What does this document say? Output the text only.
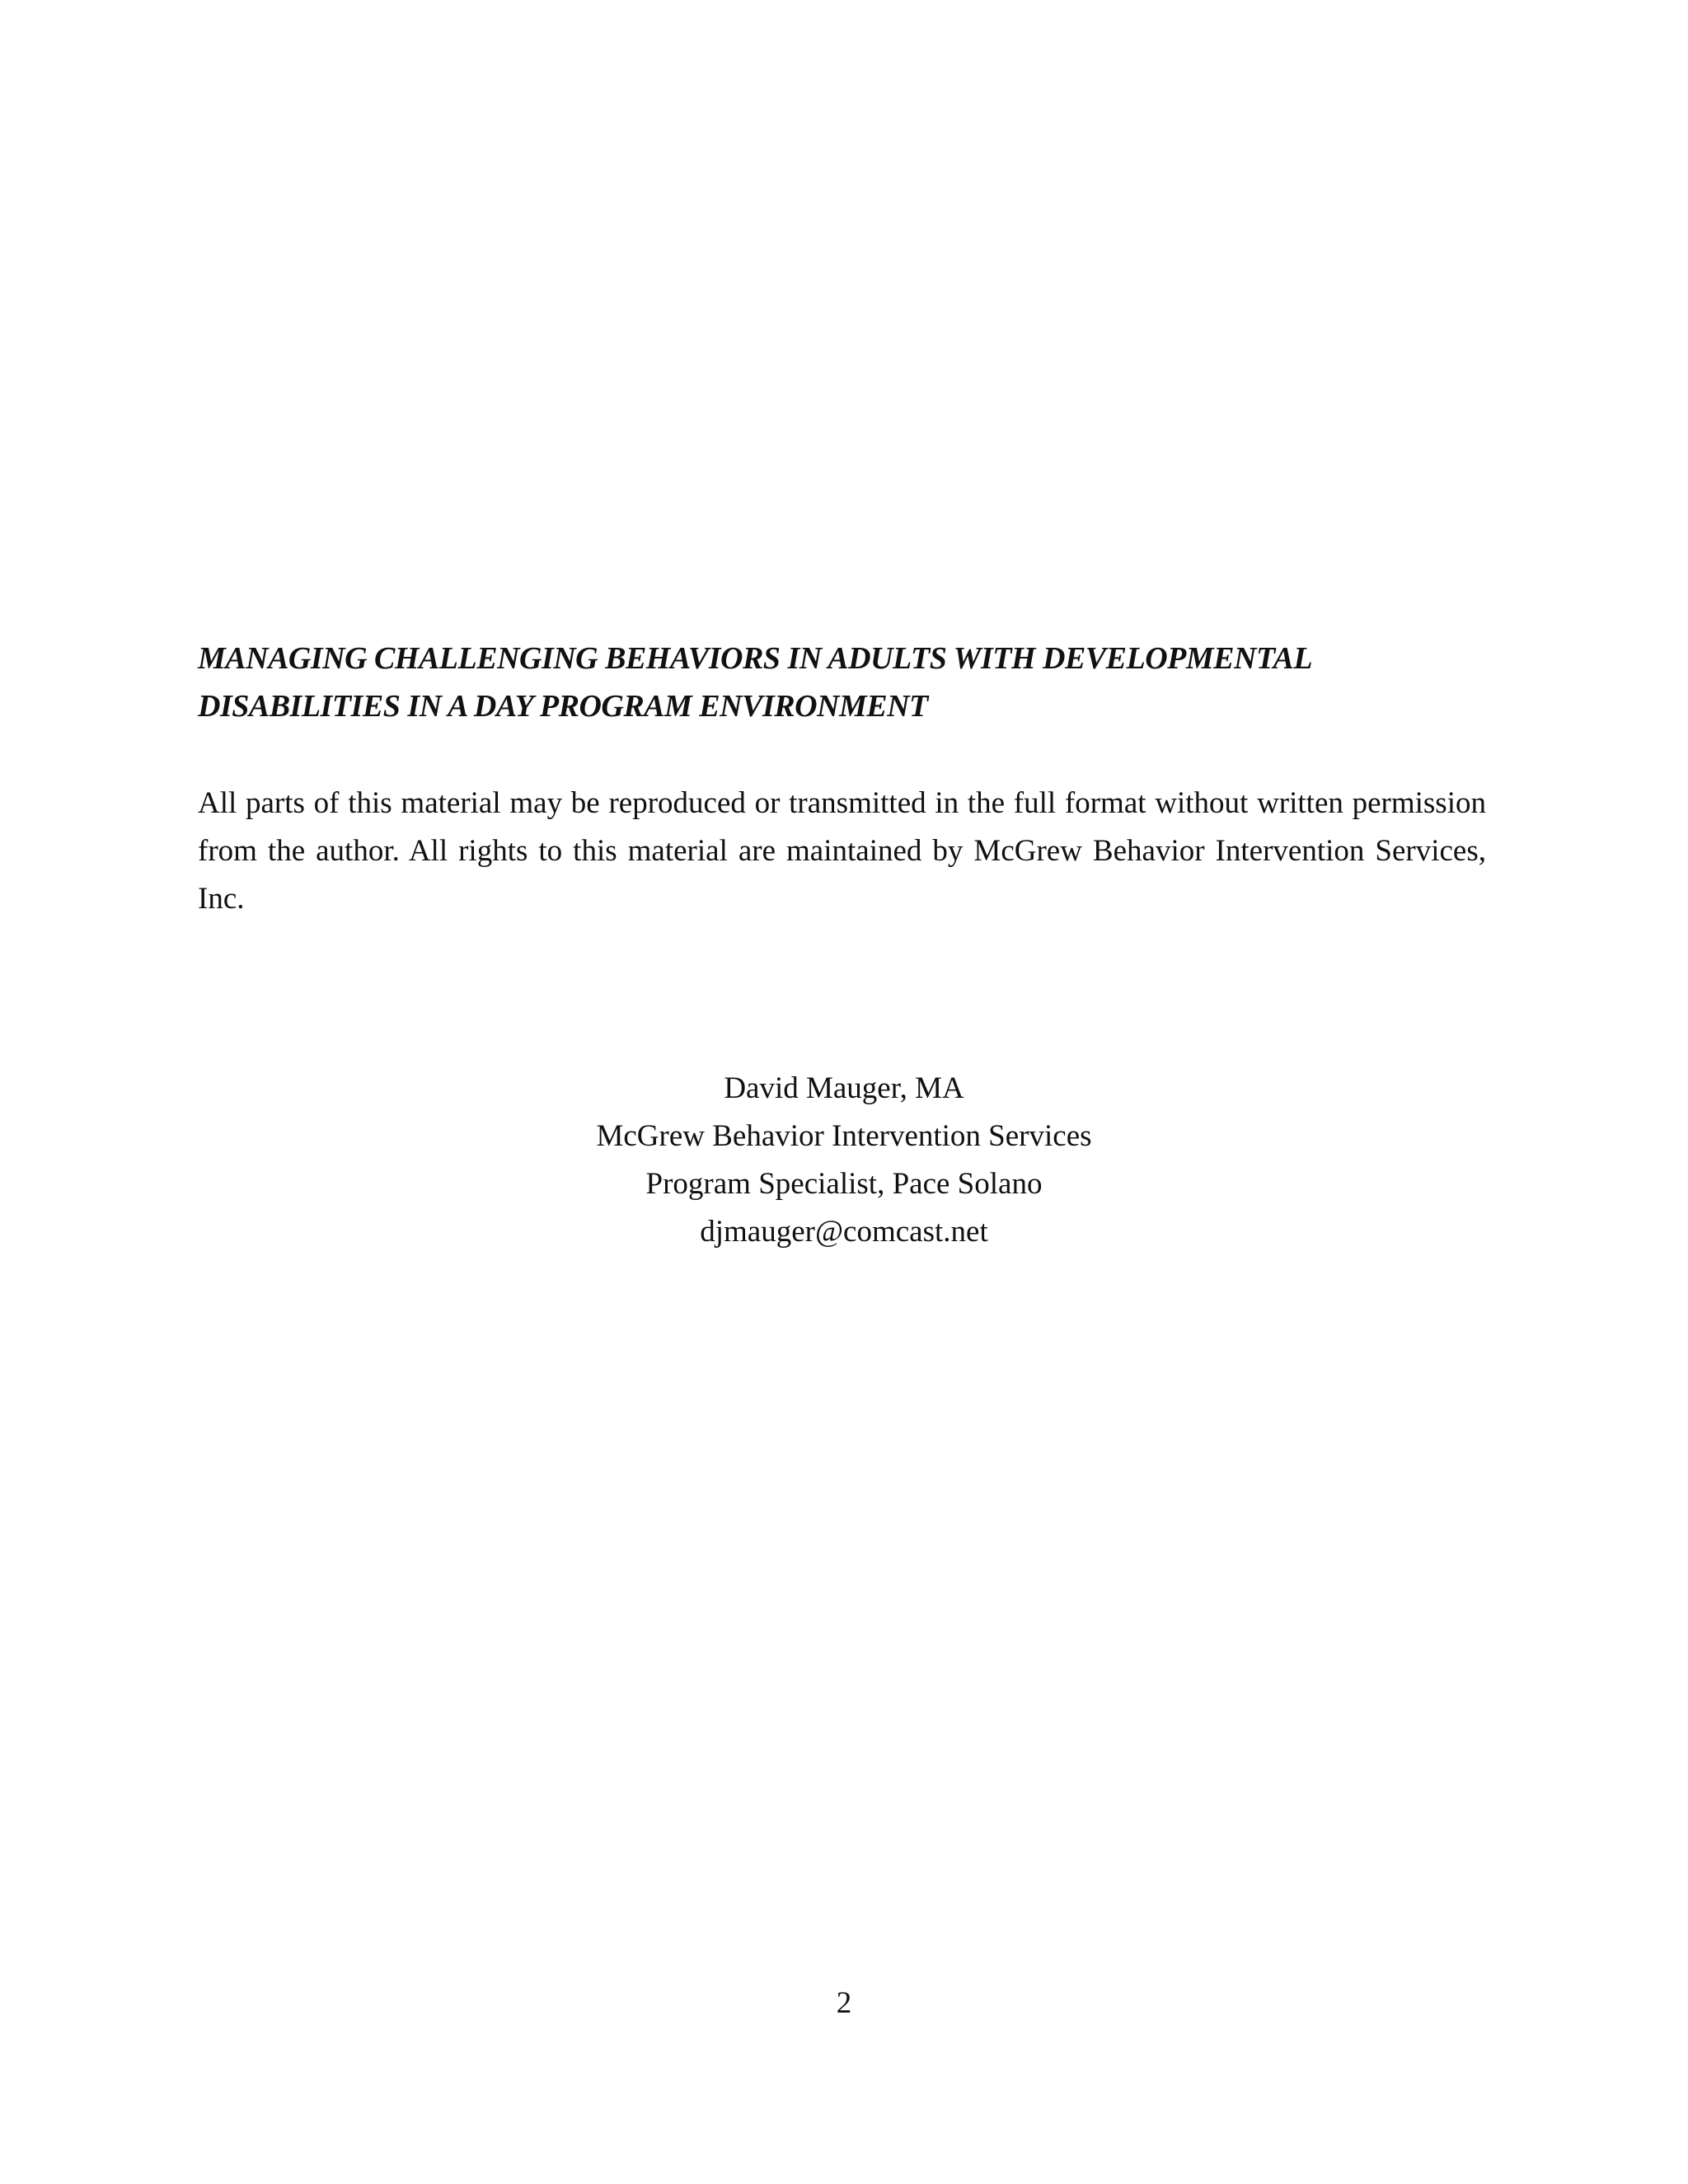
MANAGING CHALLENGING BEHAVIORS IN ADULTS WITH DEVELOPMENTAL
DISABILITIES IN A DAY PROGRAM ENVIRONMENT

All parts of this material may be reproduced or transmitted in the full format without written permission from the author. All rights to this material are maintained by McGrew Behavior Intervention Services, Inc.

David Mauger, MA
McGrew Behavior Intervention Services
Program Specialist, Pace Solano
djmauger@comcast.net
2
